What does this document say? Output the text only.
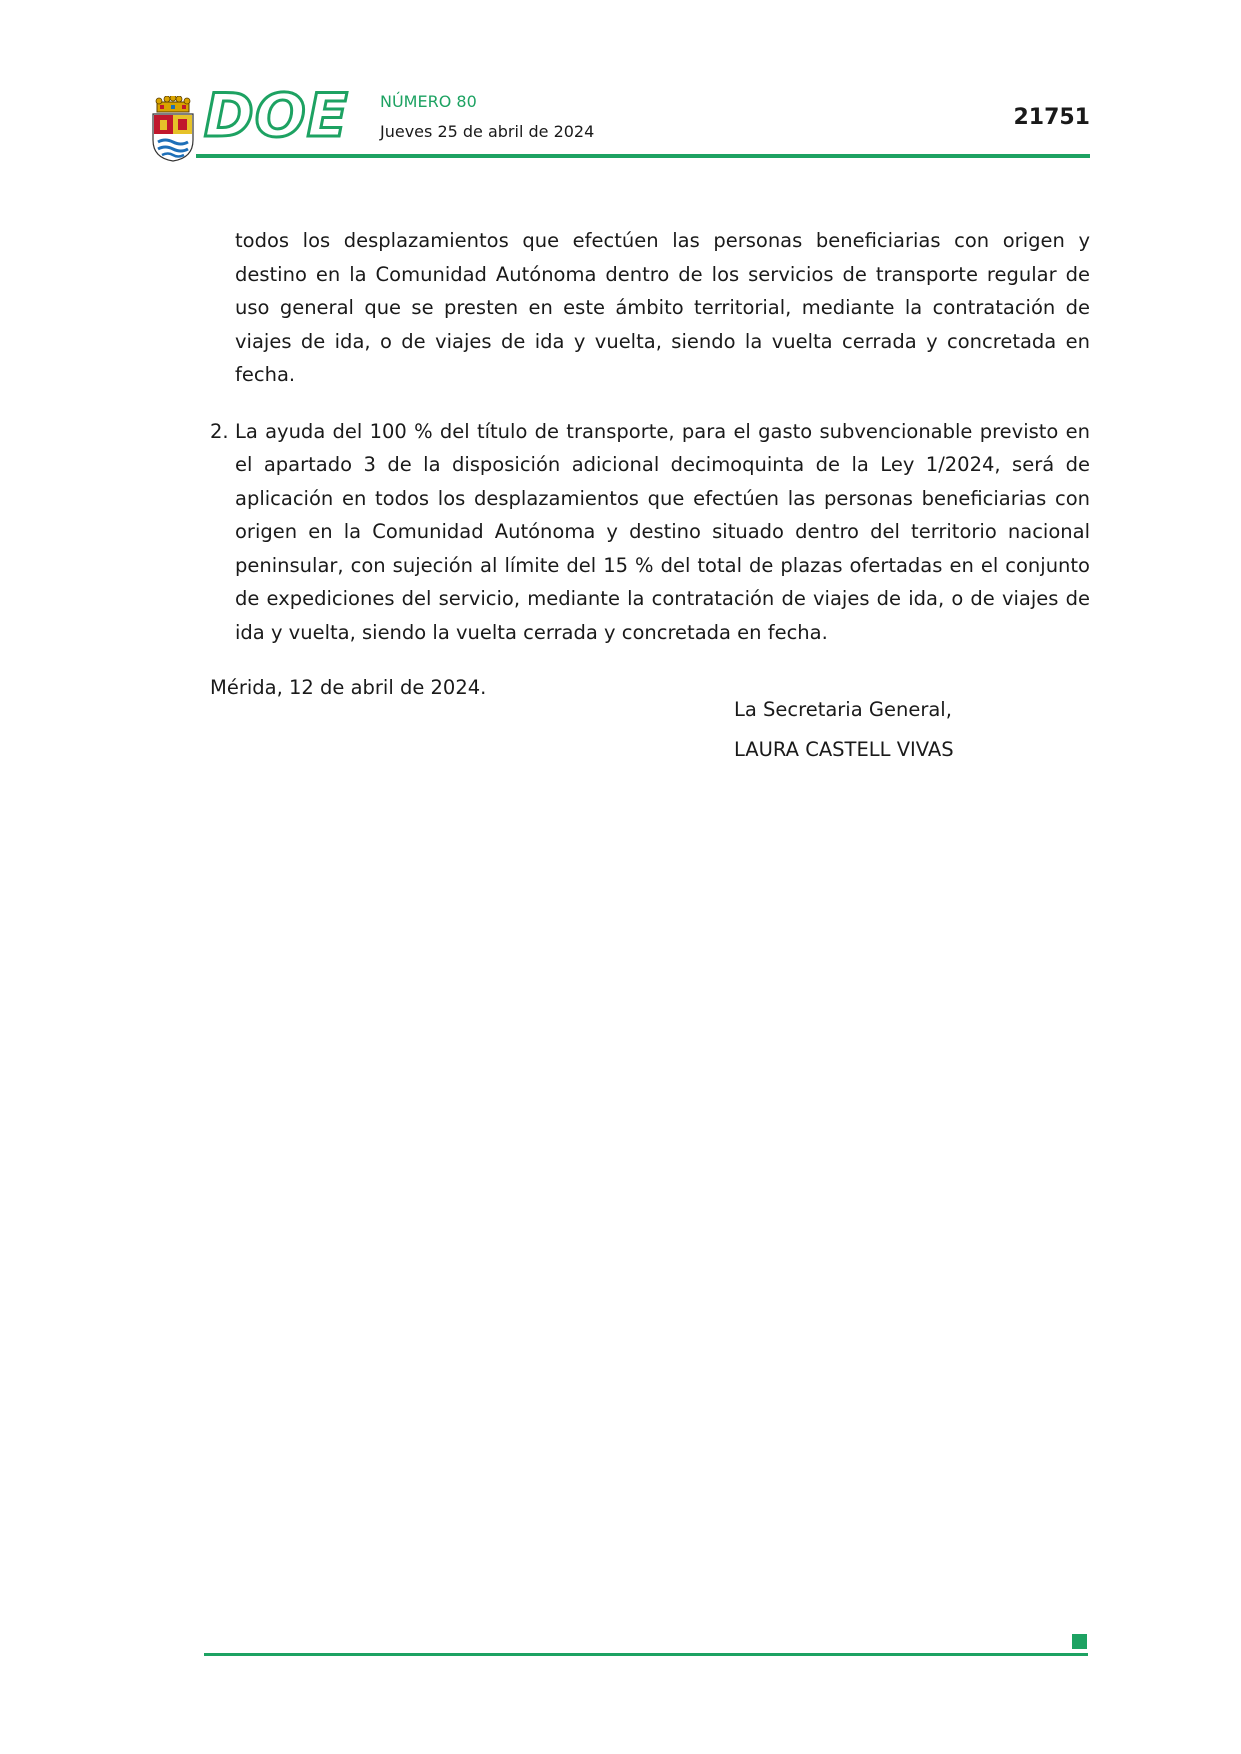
DOE NÚMERO 80
Jueves 25 de abril de 2024
21751

todos los desplazamientos que efectúen las personas beneficiarias con origen y destino en la Comunidad Autónoma dentro de los servicios de transporte regular de uso general que se presten en este ámbito territorial, mediante la contratación de viajes de ida, o de viajes de ida y vuelta, siendo la vuelta cerrada y concretada en fecha.

2. La ayuda del 100 % del título de transporte, para el gasto subvencionable previsto en el apartado 3 de la disposición adicional decimoquinta de la Ley 1/2024, será de aplicación en todos los desplazamientos que efectúen las personas beneficiarias con origen en la Comunidad Autónoma y destino situado dentro del territorio nacional peninsular, con sujeción al límite del 15 % del total de plazas ofertadas en el conjunto de expediciones del servicio, mediante la contratación de viajes de ida, o de viajes de ida y vuelta, siendo la vuelta cerrada y concretada en fecha.

Mérida, 12 de abril de 2024.

La Secretaria General,
LAURA CASTELL VIVAS
